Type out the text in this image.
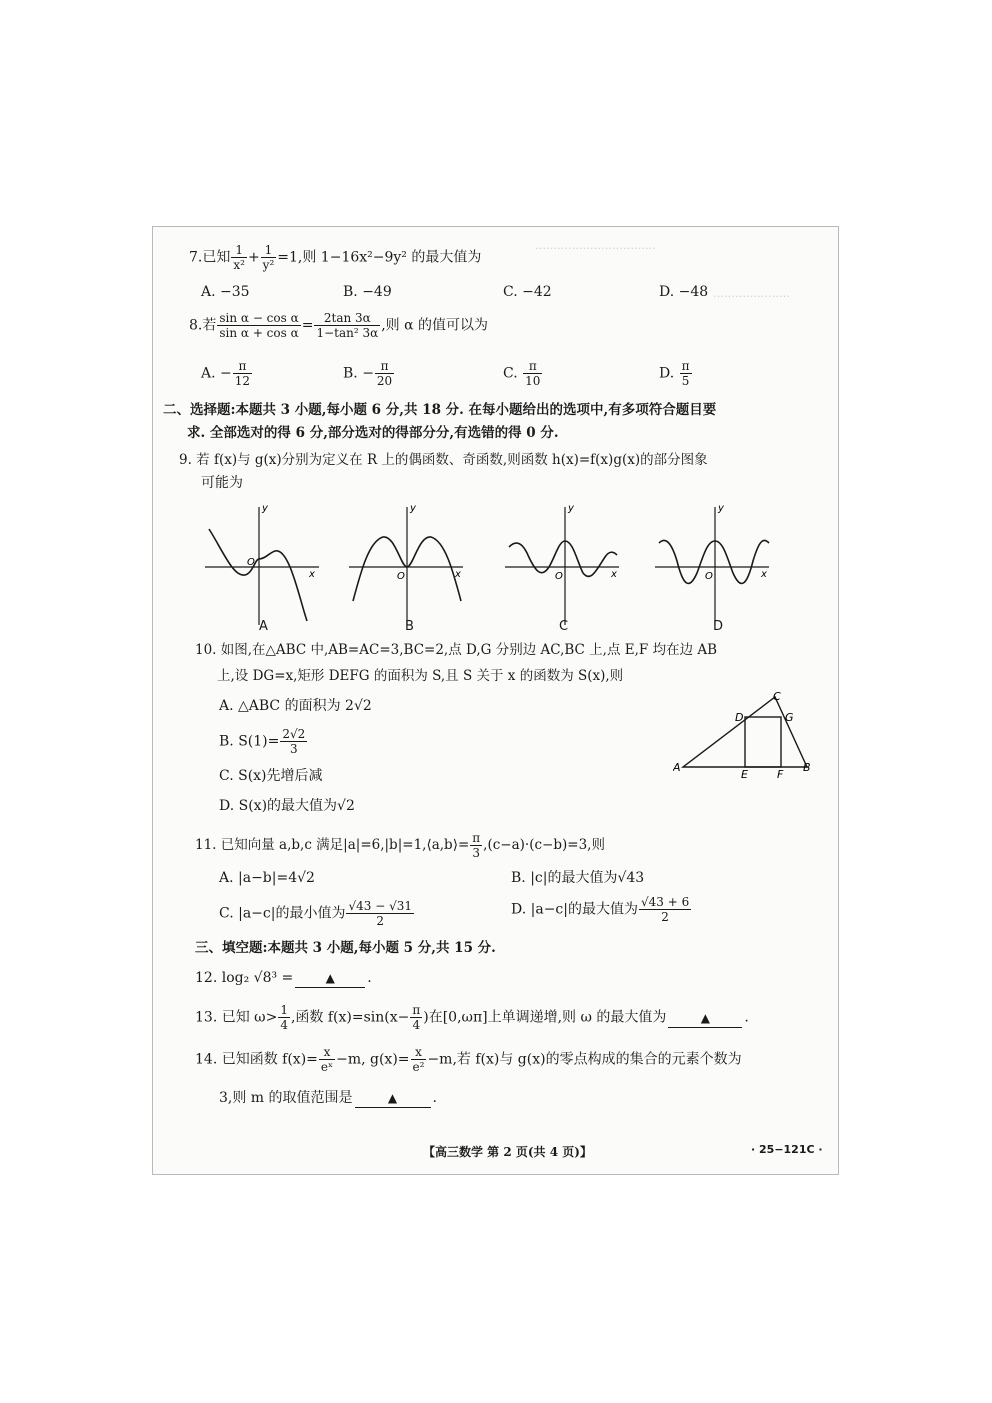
……………………………
…………………
7.已知 $\frac{1}{\text{x²}} + \frac{1}{\text{y²}} =1$,则 1−16x²−9y² 的最大值为
A. −35	B. −49	C. −42	D. −48
8.若 $\frac{\text{sin α − cos α}}{\text{sin α + cos α}} = \frac{2\tan 3\alpha}{\text{1−tan² 3α}}$ ,则 α 的值可以为
A. − $\frac{\pi}{12}$	B. − $\frac{\pi}{20}$	C. $\frac{\pi}{10}$	D. $\frac{\pi}{5}$
二、选择题:本题共 3 小题,每小题 6 分,共 18 分. 在每小题给出的选项中,有多项符合题目要
求. 全部选对的得 6 分,部分选对的得部分分,有选错的得 0 分.
9. 若 f(x)与 g(x)分别为定义在 R 上的偶函数、奇函数,则函数 h(x)=f(x)g(x)的部分图象
可能为
y
x
O
A
y
x
O
B
y
x
O
C
y
x
O
D
10. 如图,在△ABC 中,AB=AC=3,BC=2,点 D,G 分别边 AC,BC 上,点 E,F 均在边 AB
上,设 DG=x,矩形 DEFG 的面积为 S,且 S 关于 x 的函数为 S(x),则
A. △ABC 的面积为 2√2
B. $S(1)= \frac{2√2}{3}$
C. S(x)先增后减
D. S(x)的最大值为√2
A	B
C
D
E	F
G
11. 已知向量 a,b,c 满足|a|=6,|b|=1,⟨a,b⟩= $\frac{\pi}{3} ,(c-a)\cdot(c-b)=3$,则
A. |a−b|=4√2	B. |c|的最大值为√43
C. |a−c|的最小值为 $\frac{√43 - √31}{2}$	D. |a−c|的最大值为 $\frac{√43 + 6}{2}$
三、填空题:本题共 3 小题,每小题 5 分,共 15 分.
12. log₂ √8³ =	▲ .
13. 已知 $\omega> \frac{1}{4}$ ,函数 $f(x)=\sin(x- \frac{\pi}{4}$ )在[0,ωπ]上单调递增,则 ω 的最大值为	▲ .
14. 已知函数 $f(x)= \frac{x}{\text{eˣ}} -m$, $g(x)= \frac{x}{\text{e²}} -m$,若 f(x)与 g(x)的零点构成的集合的元素个数为
3,则 m 的取值范围是	▲	.
【高三数学 第 2 页(共 4 页)】	· 25−121C ·
